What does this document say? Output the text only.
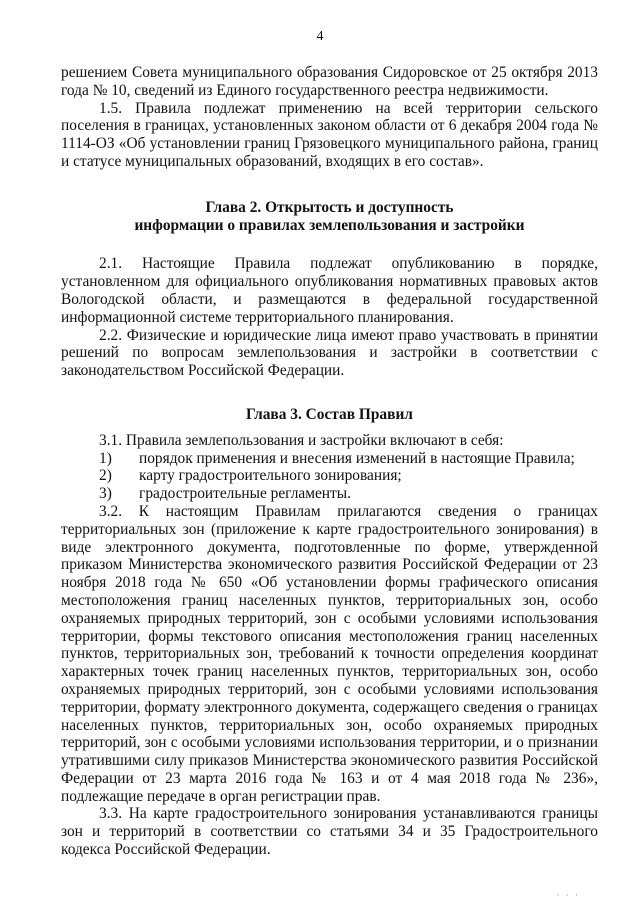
4

решением Совета муниципального образования Сидоровское от 25 октября 2013 года № 10, сведений из Единого государственного реестра недвижимости.

1.5. Правила подлежат применению на всей территории сельского поселения в границах, установленных законом области от 6 декабря 2004 года № 1114-ОЗ «Об установлении границ Грязовецкого муниципального района, границ и статусе муниципальных образований, входящих в его состав».

Глава 2. Открытость и доступность
информации о правилах землепользования и застройки

2.1. Настоящие Правила подлежат опубликованию в порядке, установленном для официального опубликования нормативных правовых актов Вологодской области, и размещаются в федеральной государственной информационной системе территориального планирования.

2.2. Физические и юридические лица имеют право участвовать в принятии решений по вопросам землепользования и застройки в соответствии с законодательством Российской Федерации.

Глава 3. Состав Правил

3.1. Правила землепользования и застройки включают в себя:

1)	порядок применения и внесения изменений в настоящие Правила;
2)	карту градостроительного зонирования;
3)	градостроительные регламенты.

3.2. К настоящим Правилам прилагаются сведения о границах территориальных зон (приложение к карте градостроительного зонирования) в виде электронного документа, подготовленные по форме, утвержденной приказом Министерства экономического развития Российской Федерации от 23 ноября 2018 года № 650 «Об установлении формы графического описания местоположения границ населенных пунктов, территориальных зон, особо охраняемых природных территорий, зон с особыми условиями использования территории, формы текстового описания местоположения границ населенных пунктов, территориальных зон, требований к точности определения координат характерных точек границ населенных пунктов, территориальных зон, особо охраняемых природных территорий, зон с особыми условиями использования территории, формату электронного документа, содержащего сведения о границах населенных пунктов, территориальных зон, особо охраняемых природных территорий, зон с особыми условиями использования территории, и о признании утратившими силу приказов Министерства экономического развития Российской Федерации от 23 марта 2016 года № 163 и от 4 мая 2018 года № 236», подлежащие передаче в орган регистрации прав.

3.3. На карте градостроительного зонирования устанавливаются границы зон и территорий в соответствии со статьями 34 и 35 Градостроительного кодекса Российской Федерации.

· · ·
